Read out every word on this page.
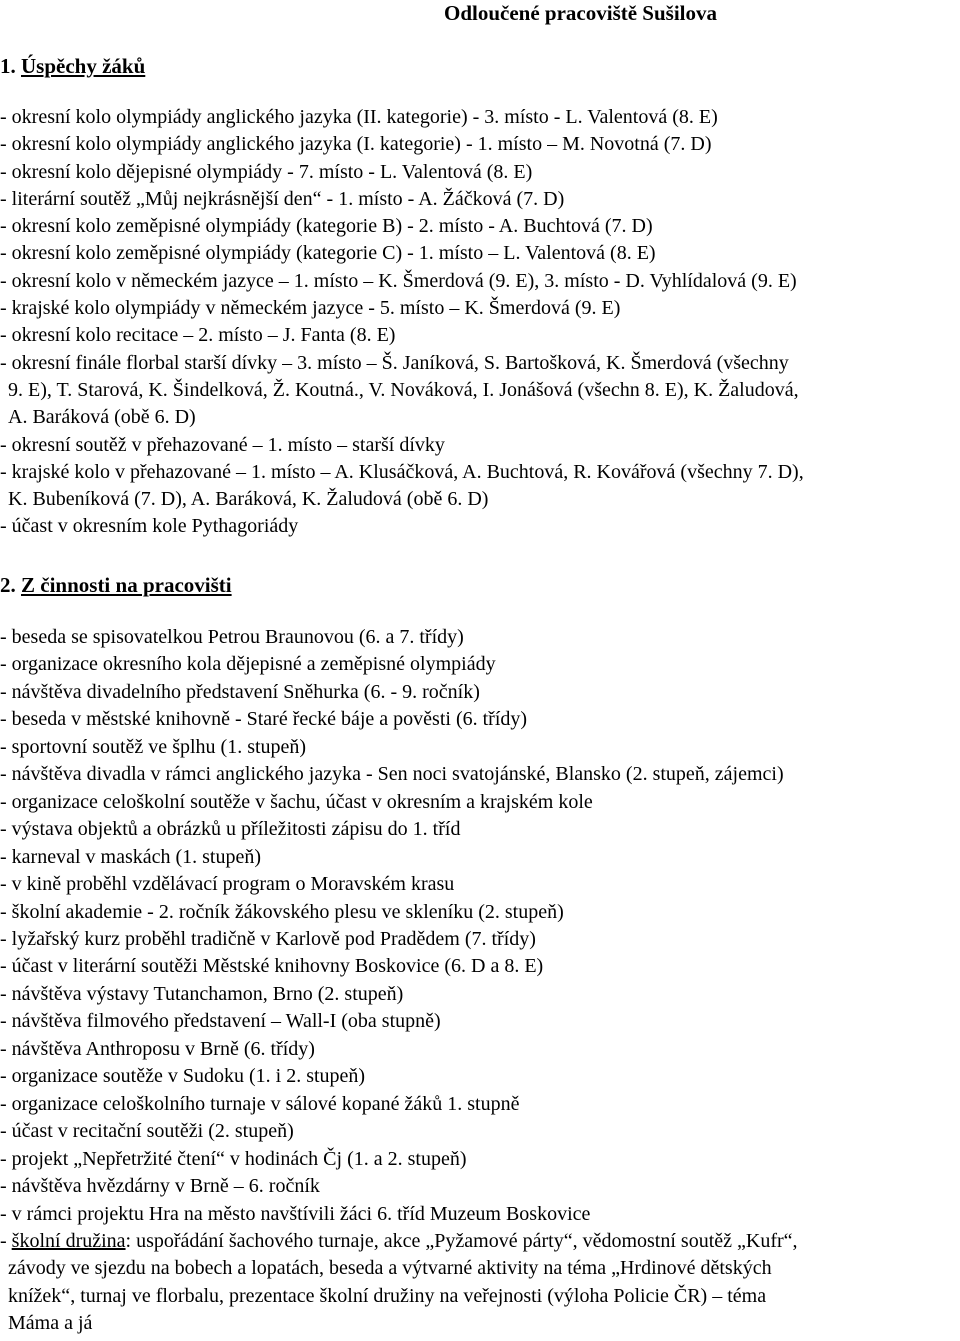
Odloučené pracoviště Sušilova
1. Úspěchy žáků
- okresní kolo olympiády anglického jazyka (II. kategorie) - 3. místo - L. Valentová (8. E)
- okresní kolo olympiády anglického jazyka (I. kategorie) - 1. místo – M. Novotná (7. D)
- okresní kolo dějepisné olympiády - 7. místo - L. Valentová (8. E)
- literární soutěž „Můj nejkrásnější den“ - 1. místo - A. Žáčková (7. D)
- okresní kolo zeměpisné olympiády (kategorie B) - 2. místo - A. Buchtová (7. D)
- okresní kolo zeměpisné olympiády (kategorie C) - 1. místo – L. Valentová (8. E)
- okresní kolo v německém jazyce – 1. místo – K. Šmerdová (9. E), 3. místo - D. Vyhlídalová (9. E)
- krajské kolo olympiády v německém jazyce - 5. místo – K. Šmerdová (9. E)
- okresní kolo recitace – 2. místo – J. Fanta (8. E)
- okresní finále florbal starší dívky – 3. místo – Š. Janíková, S. Bartošková, K. Šmerdová (všechny
9. E), T. Starová, K. Šindelková, Ž. Koutná., V. Nováková, I. Jonášová (všechn 8. E), K. Žaludová,
A. Baráková (obě 6. D)
- okresní soutěž v přehazované – 1. místo – starší dívky
- krajské kolo v přehazované – 1. místo – A. Klusáčková, A. Buchtová, R. Kovářová (všechny 7. D),
K. Bubeníková (7. D), A. Baráková, K. Žaludová (obě 6. D)
- účast v okresním kole Pythagoriády
2. Z činnosti na pracovišti
- beseda se spisovatelkou Petrou Braunovou (6. a 7. třídy)
- organizace okresního kola dějepisné a zeměpisné olympiády
- návštěva divadelního představení Sněhurka (6. - 9. ročník)
- beseda v městské knihovně - Staré řecké báje a pověsti (6. třídy)
- sportovní soutěž ve šplhu (1. stupeň)
- návštěva divadla v rámci anglického jazyka - Sen noci svatojánské, Blansko (2. stupeň, zájemci)
- organizace celoškolní soutěže v šachu, účast v okresním a krajském kole
- výstava objektů a obrázků u příležitosti zápisu do 1. tříd
- karneval v maskách (1. stupeň)
- v kině proběhl vzdělávací program o Moravském krasu
- školní akademie - 2. ročník žákovského plesu ve skleníku (2. stupeň)
- lyžařský kurz proběhl tradičně v Karlově pod Pradědem (7. třídy)
- účast v literární soutěži Městské knihovny Boskovice (6. D a 8. E)
- návštěva výstavy Tutanchamon, Brno (2. stupeň)
- návštěva filmového představení – Wall-I (oba stupně)
- návštěva Anthroposu v Brně (6. třídy)
- organizace soutěže v Sudoku (1. i 2. stupeň)
- organizace celoškolního turnaje v sálové kopané žáků 1. stupně
- účast v recitační soutěži (2. stupeň)
- projekt „Nepřetržité čtení“ v hodinách Čj (1. a 2. stupeň)
- návštěva hvězdárny v Brně – 6. ročník
- v rámci projektu Hra na město navštívili žáci 6. tříd Muzeum Boskovice
- školní družina: uspořádání šachového turnaje, akce „Pyžamové párty“, vědomostní soutěž „Kufr“,
závody ve sjezdu na bobech a lopatách, beseda a výtvarné aktivity na téma „Hrdinové dětských
knížek“, turnaj ve florbalu, prezentace školní družiny na veřejnosti (výloha Policie ČR) – téma
Máma a já
